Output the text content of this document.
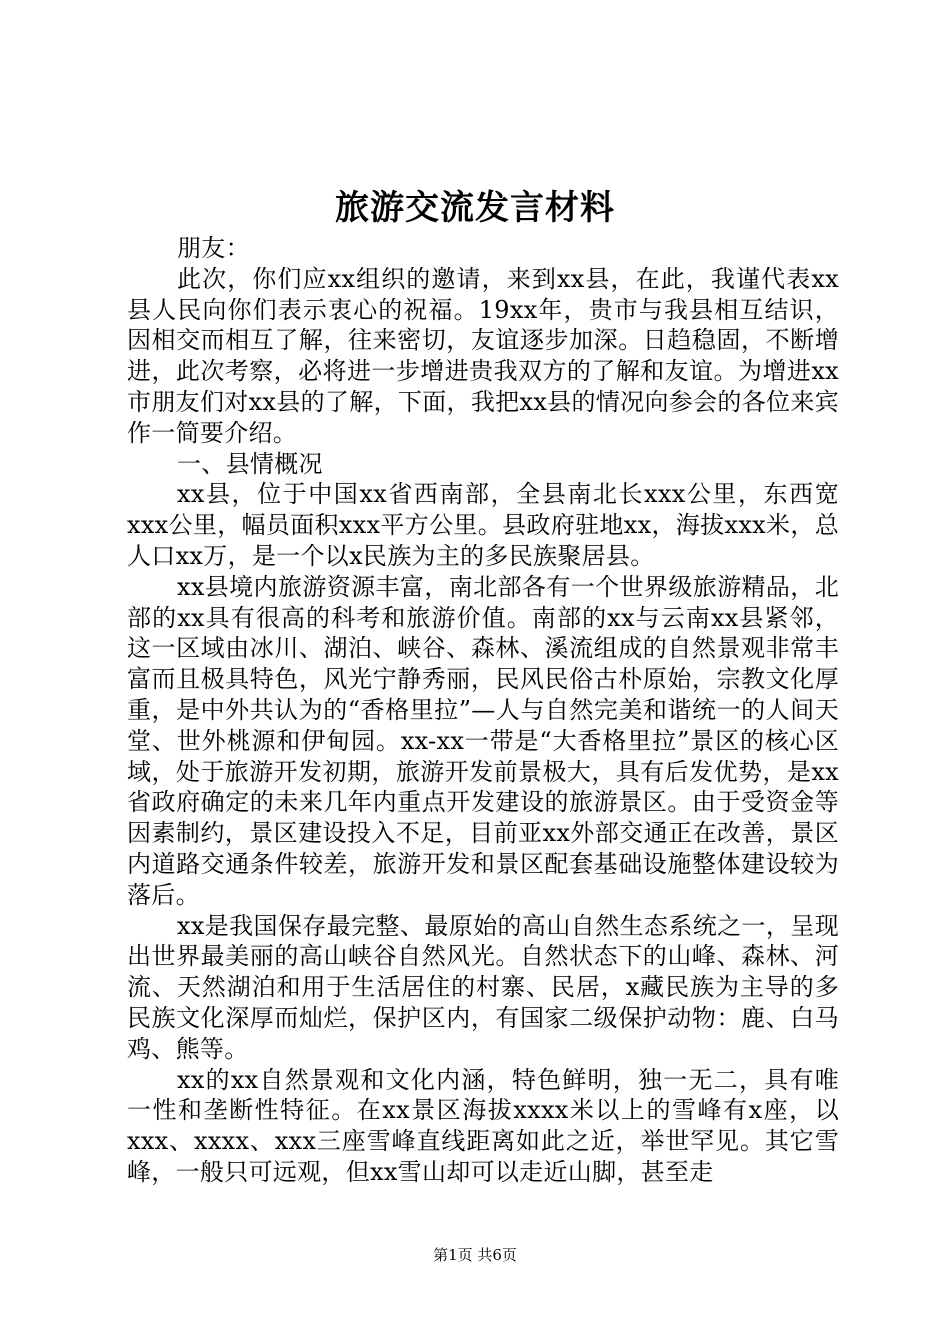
旅游交流发言材料

朋友：

此次，你们应xx组织的邀请，来到xx县，在此，我谨代表xx县人民向你们表示衷心的祝福。19xx年，贵市与我县相互结识，因相交而相互了解，往来密切，友谊逐步加深。日趋稳固，不断增进，此次考察，必将进一步增进贵我双方的了解和友谊。为增进xx市朋友们对xx县的了解，下面，我把xx县的情况向参会的各位来宾作一简要介绍。

一、县情概况

xx县，位于中国xx省西南部，全县南北长xxx公里，东西宽xxx公里，幅员面积xxx平方公里。县政府驻地xx，海拔xxx米，总人口xx万，是一个以x民族为主的多民族聚居县。

xx县境内旅游资源丰富，南北部各有一个世界级旅游精品，北部的xx具有很高的科考和旅游价值。南部的xx与云南xx县紧邻，这一区域由冰川、湖泊、峡谷、森林、溪流组成的自然景观非常丰富而且极具特色，风光宁静秀丽，民风民俗古朴原始，宗教文化厚重，是中外共认为的“香格里拉”—人与自然完美和谐统一的人间天堂、世外桃源和伊甸园。xx-xx一带是“大香格里拉”景区的核心区域，处于旅游开发初期，旅游开发前景极大，具有后发优势，是xx省政府确定的未来几年内重点开发建设的旅游景区。由于受资金等因素制约，景区建设投入不足，目前亚xx外部交通正在改善，景区内道路交通条件较差，旅游开发和景区配套基础设施整体建设较为落后。

xx是我国保存最完整、最原始的高山自然生态系统之一，呈现出世界最美丽的高山峡谷自然风光。自然状态下的山峰、森林、河流、天然湖泊和用于生活居住的村寨、民居，x藏民族为主导的多民族文化深厚而灿烂，保护区内，有国家二级保护动物：鹿、白马鸡、熊等。

xx的xx自然景观和文化内涵，特色鲜明，独一无二，具有唯一性和垄断性特征。在xx景区海拔xxxx米以上的雪峰有x座，以xxx、xxxx、xxx三座雪峰直线距离如此之近，举世罕见。其它雪峰，一般只可远观，但xx雪山却可以走近山脚，甚至走

第1页 共6页
